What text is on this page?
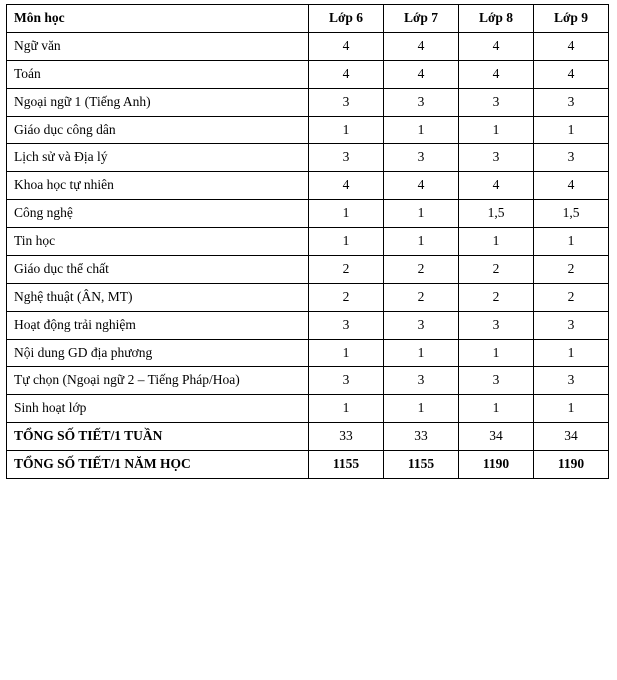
Môn học	Lớp 6	Lớp 7	Lớp 8	Lớp 9
Ngữ văn	4	4	4	4
Toán	4	4	4	4
Ngoại ngữ 1 (Tiếng Anh)	3	3	3	3
Giáo dục công dân	1	1	1	1
Lịch sử và Địa lý	3	3	3	3
Khoa học tự nhiên	4	4	4	4
Công nghệ	1	1	1,5	1,5
Tin học	1	1	1	1
Giáo dục thể chất	2	2	2	2
Nghệ thuật (ÂN, MT)	2	2	2	2
Hoạt động trải nghiệm	3	3	3	3
Nội dung GD địa phương	1	1	1	1
Tự chọn (Ngoại ngữ 2 – Tiếng Pháp/Hoa)	3	3	3	3
Sinh hoạt lớp	1	1	1	1
TỔNG SỐ TIẾT/1 TUẦN	33	33	34	34
TỔNG SỐ TIẾT/1 NĂM HỌC	1155	1155	1190	1190
